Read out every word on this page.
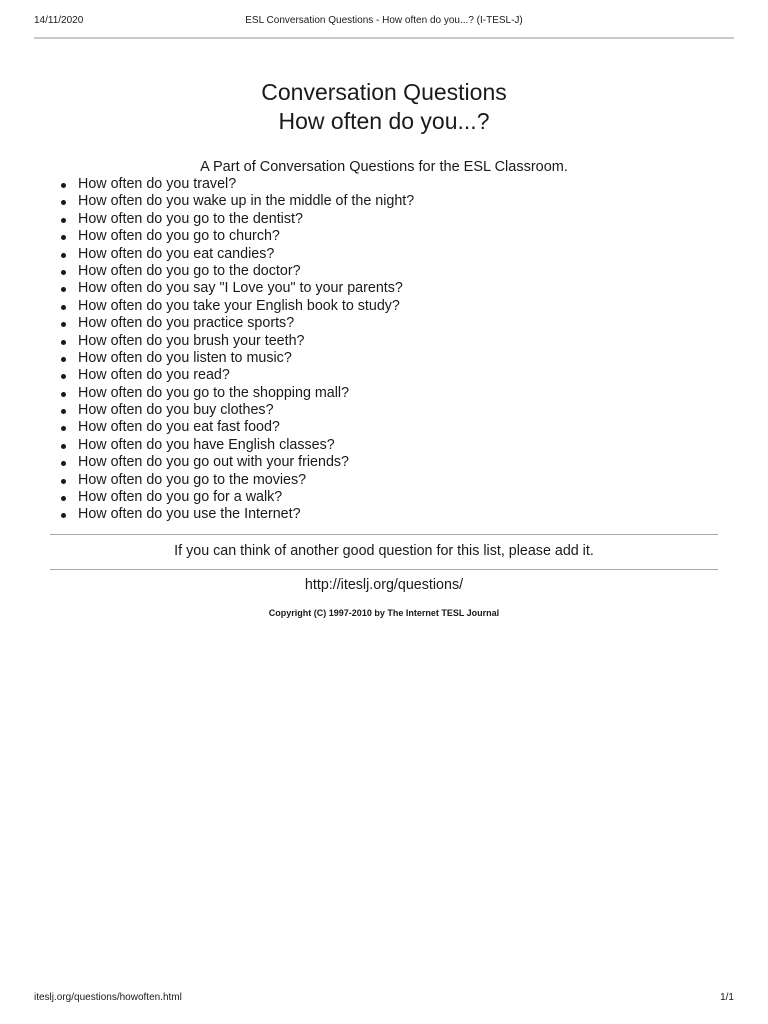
14/11/2020	ESL Conversation Questions - How often do you...? (I-TESL-J)
Conversation Questions
How often do you...?
A Part of Conversation Questions for the ESL Classroom.
How often do you travel?
How often do you wake up in the middle of the night?
How often do you go to the dentist?
How often do you go to church?
How often do you eat candies?
How often do you go to the doctor?
How often do you say "I Love you" to your parents?
How often do you take your English book to study?
How often do you practice sports?
How often do you brush your teeth?
How often do you listen to music?
How often do you read?
How often do you go to the shopping mall?
How often do you buy clothes?
How often do you eat fast food?
How often do you have English classes?
How often do you go out with your friends?
How often do you go to the movies?
How often do you go for a walk?
How often do you use the Internet?
If you can think of another good question for this list, please add it.
http://iteslj.org/questions/
Copyright (C) 1997-2010 by The Internet TESL Journal
iteslj.org/questions/howoften.html	1/1
